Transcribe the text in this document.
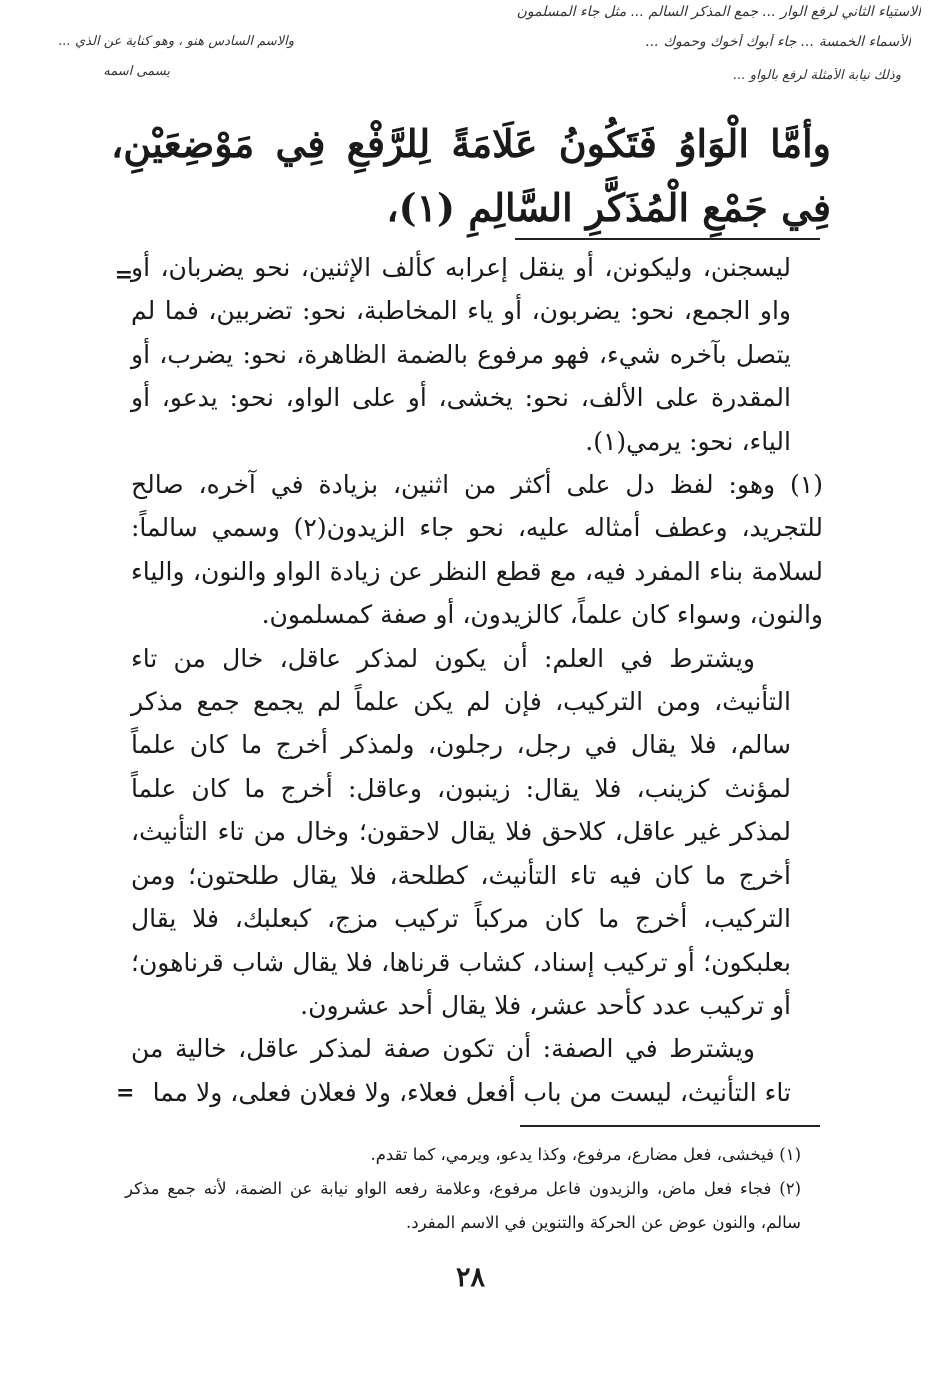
الاستياء الثاني لرفع الوار ... جمع المذكر السالم ... مثل جاء المسلمون
الأسماء الخمسة ... جاء أبوك أخوك وحموك ...
والاسم السادس هنو ، وهو كناية عن الذي ...
وذلك نيابة الأمثلة لرفع بالواو ...
يسمى اسمه
وأمَّا الْوَاوُ فَتَكُونُ عَلَامَةً لِلرَّفْعِ فِي مَوْضِعَيْنِ، فِي جَمْعِ الْمُذَكَّرِ السَّالِمِ (١)،
=

ليسجنن، وليكونن، أو ينقل إعرابه كألف الإثنين، نحو يضربان، أو واو الجمع، نحو: يضربون، أو ياء المخاطبة، نحو: تضربين، فما لم يتصل بآخره شيء، فهو مرفوع بالضمة الظاهرة، نحو: يضرب، أو المقدرة على الألف، نحو: يخشى، أو على الواو، نحو: يدعو، أو الياء، نحو: يرمي(١).

(١) وهو: لفظ دل على أكثر من اثنين، بزيادة في آخره، صالح للتجريد، وعطف أمثاله عليه، نحو جاء الزيدون(٢) وسمي سالماً: لسلامة بناء المفرد فيه، مع قطع النظر عن زيادة الواو والنون، والياء والنون، وسواء كان علماً، كالزيدون، أو صفة كمسلمون.

ويشترط في العلم: أن يكون لمذكر عاقل، خال من تاء التأنيث، ومن التركيب، فإن لم يكن علماً لم يجمع جمع مذكر سالم، فلا يقال في رجل، رجلون، ولمذكر أخرج ما كان علماً لمؤنث كزينب، فلا يقال: زينبون، وعاقل: أخرج ما كان علماً لمذكر غير عاقل، كلاحق فلا يقال لاحقون؛ وخال من تاء التأنيث، أخرج ما كان فيه تاء التأنيث، كطلحة، فلا يقال طلحتون؛ ومن التركيب، أخرج ما كان مركباً تركيب مزج، كبعلبك، فلا يقال بعلبكون؛ أو تركيب إسناد، كشاب قرناها، فلا يقال شاب قرناهون؛ أو تركيب عدد كأحد عشر، فلا يقال أحد عشرون.

ويشترط في الصفة: أن تكون صفة لمذكر عاقل، خالية من تاء التأنيث، ليست من باب أفعل فعلاء، ولا فعلان فعلى، ولا مما

=

(١) فيخشى، فعل مضارع، مرفوع، وكذا يدعو، ويرمي، كما تقدم.

(٢) فجاء فعل ماض، والزيدون فاعل مرفوع، وعلامة رفعه الواو نيابة عن الضمة، لأنه جمع مذكر سالم، والنون عوض عن الحركة والتنوين في الاسم المفرد.

٢٨
